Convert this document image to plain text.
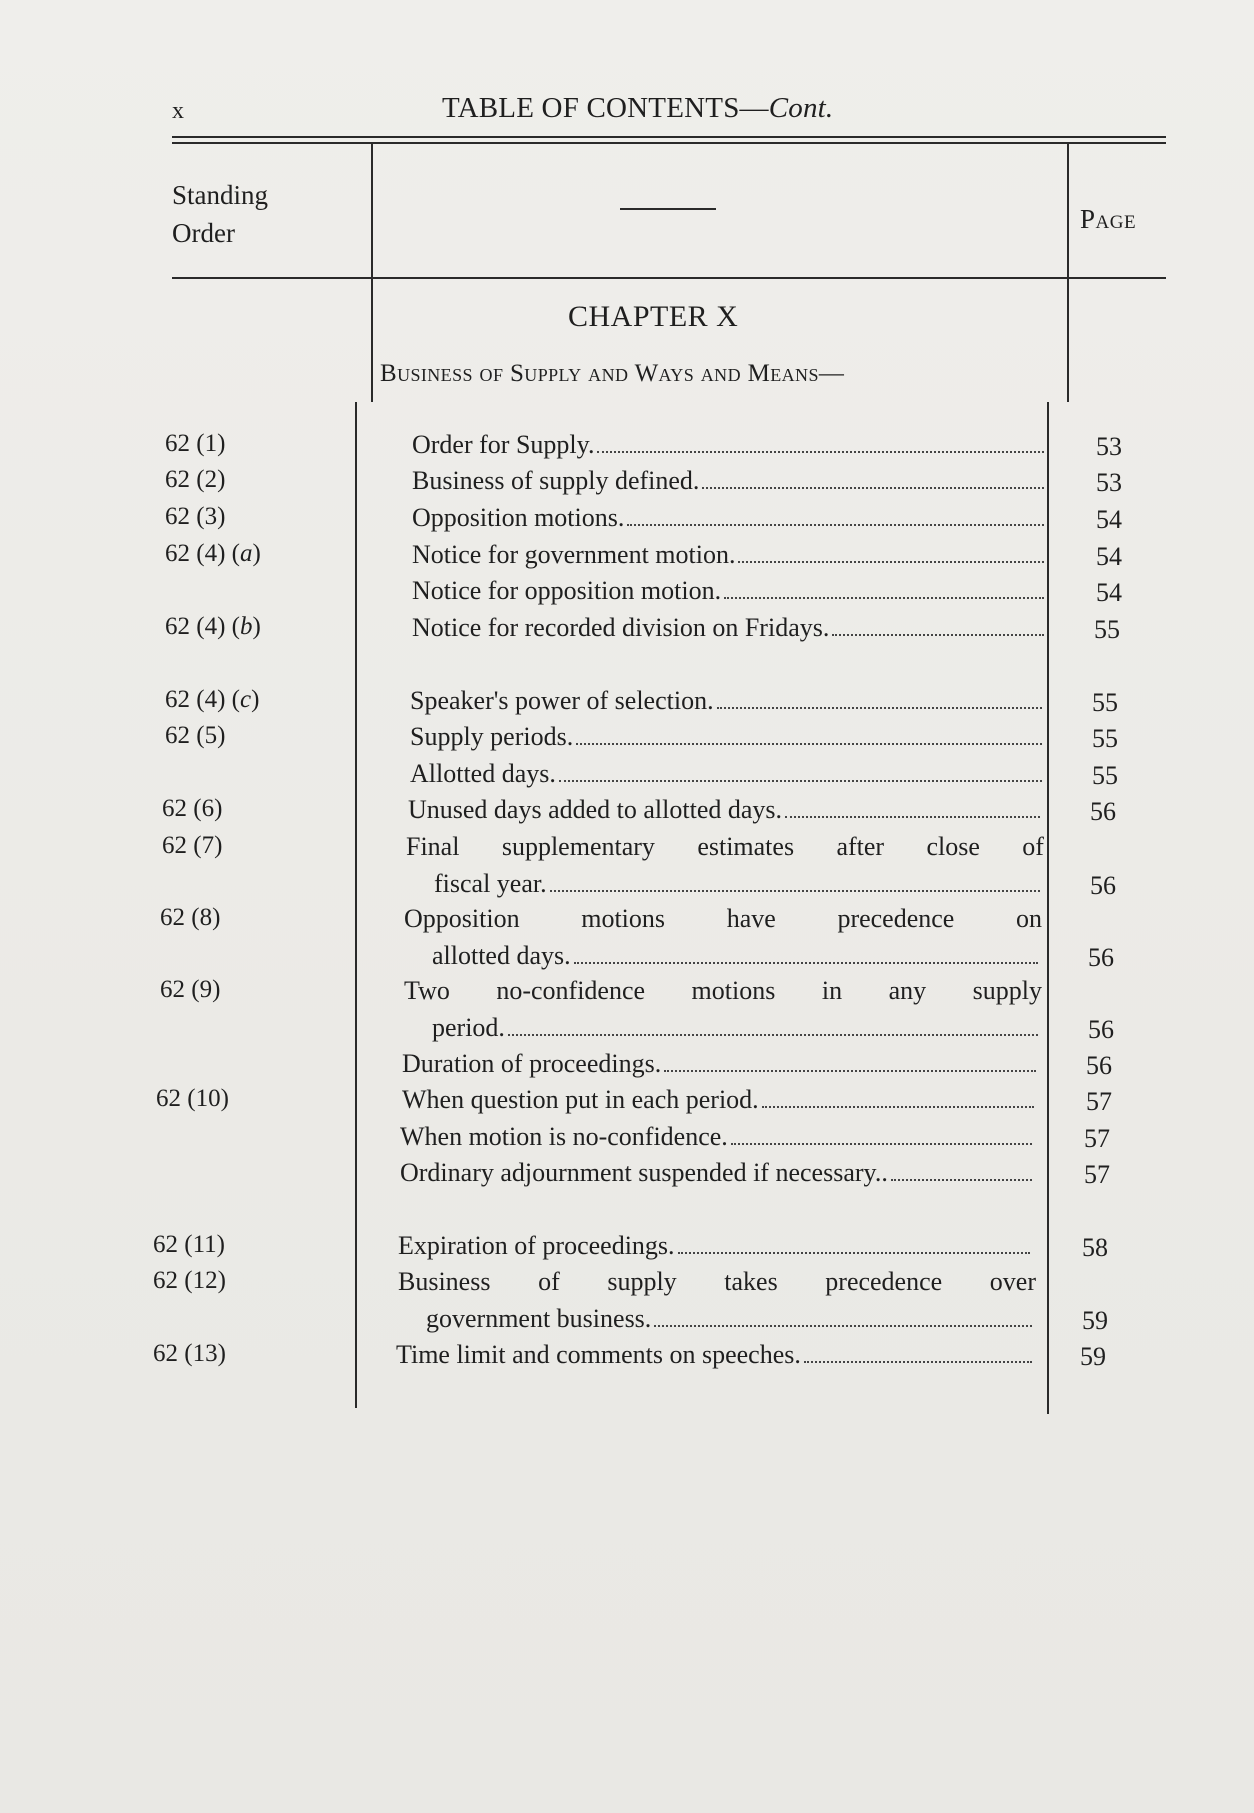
x	TABLE OF CONTENTS—Cont.
Standing
Order	Page
CHAPTER X
Business of Supply and Ways and Means—
62 (1)	Order for Supply.	53
62 (2)	Business of supply defined.	53
62 (3)	Opposition motions.	54
62 (4) (a)	Notice for government motion.	54
Notice for opposition motion.	54
62 (4) (b)	Notice for recorded division on Fridays.	55
62 (4) (c)	Speaker's power of selection.	55
62 (5)	Supply periods.	55
Allotted days.	55
62 (6)	Unused days added to allotted days.	56
62 (7)	Final supplementary estimates after close of
fiscal year.	56
62 (8)	Opposition motions have precedence on
allotted days.	56
62 (9)	Two no-confidence motions in any supply
period.	56
Duration of proceedings.	56
62 (10)	When question put in each period.	57
When motion is no-confidence.	57
Ordinary adjournment suspended if necessary..	57
62 (11)	Expiration of proceedings.	58
62 (12)	Business of supply takes precedence over
government business.	59
62 (13)	Time limit and comments on speeches.	59
